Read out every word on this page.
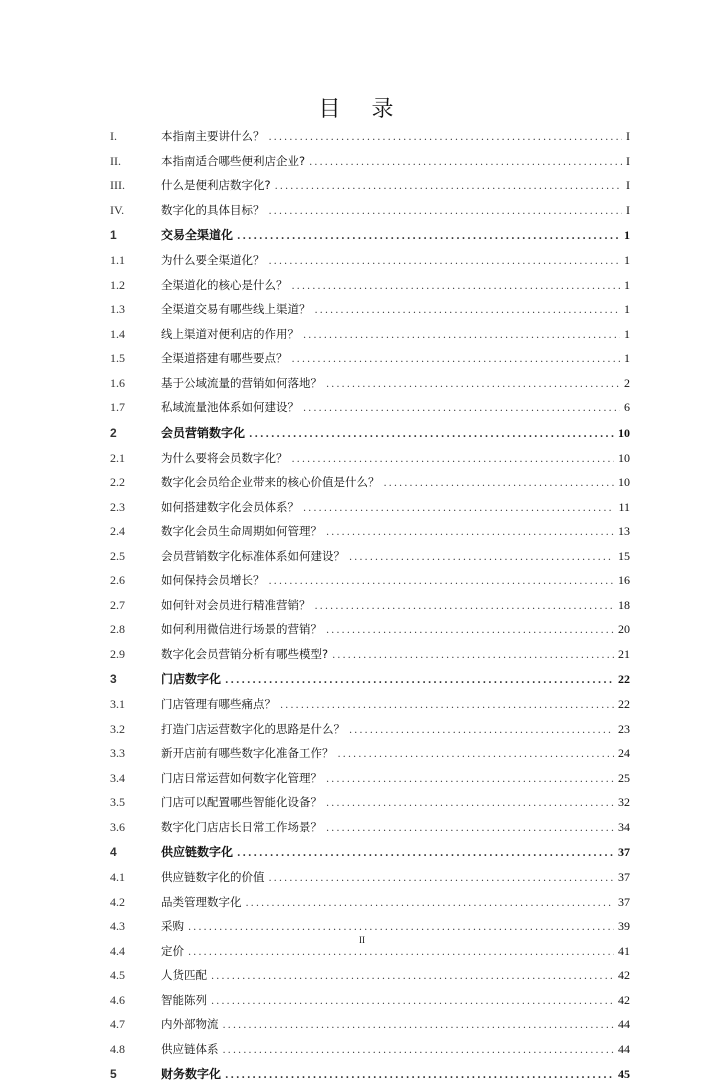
目 录
I.	本指南主要讲什么？ .....	I
II.	本指南适合哪些便利店企业? .....	I
III.	什么是便利店数字化? .....	I
IV.	数字化的具体目标？ .....	I
1	交易全渠道化 .....	1
1.1	为什么要全渠道化？ .....	1
1.2	全渠道化的核心是什么？ .....	1
1.3	全渠道交易有哪些线上渠道？ .....	1
1.4	线上渠道对便利店的作用？ .....	1
1.5	全渠道搭建有哪些要点？ .....	1
1.6	基于公域流量的营销如何落地？ .....	2
1.7	私域流量池体系如何建设？ .....	6
2	会员营销数字化 .....	10
2.1	为什么要将会员数字化？ .....	10
2.2	数字化会员给企业带来的核心价值是什么？ .....	10
2.3	如何搭建数字化会员体系？ .....	11
2.4	数字化会员生命周期如何管理？ .....	13
2.5	会员营销数字化标准体系如何建设？ .....	15
2.6	如何保持会员增长？ .....	16
2.7	如何针对会员进行精准营销？ .....	18
2.8	如何利用微信进行场景的营销？ .....	20
2.9	数字化会员营销分析有哪些模型? .....	21
3	门店数字化 .....	22
3.1	门店管理有哪些痛点？ .....	22
3.2	打造门店运营数字化的思路是什么？ .....	23
3.3	新开店前有哪些数字化准备工作？ .....	24
3.4	门店日常运营如何数字化管理？ .....	25
3.5	门店可以配置哪些智能化设备？ .....	32
3.6	数字化门店店长日常工作场景？ .....	34
4	供应链数字化 .....	37
4.1	供应链数字化的价值 .....	37
4.2	品类管理数字化 .....	37
4.3	采购 .....	39
4.4	定价 .....	41
4.5	人货匹配 .....	42
4.6	智能陈列 .....	42
4.7	内外部物流 .....	44
4.8	供应链体系 .....	44
5	财务数字化 .....	45
II
